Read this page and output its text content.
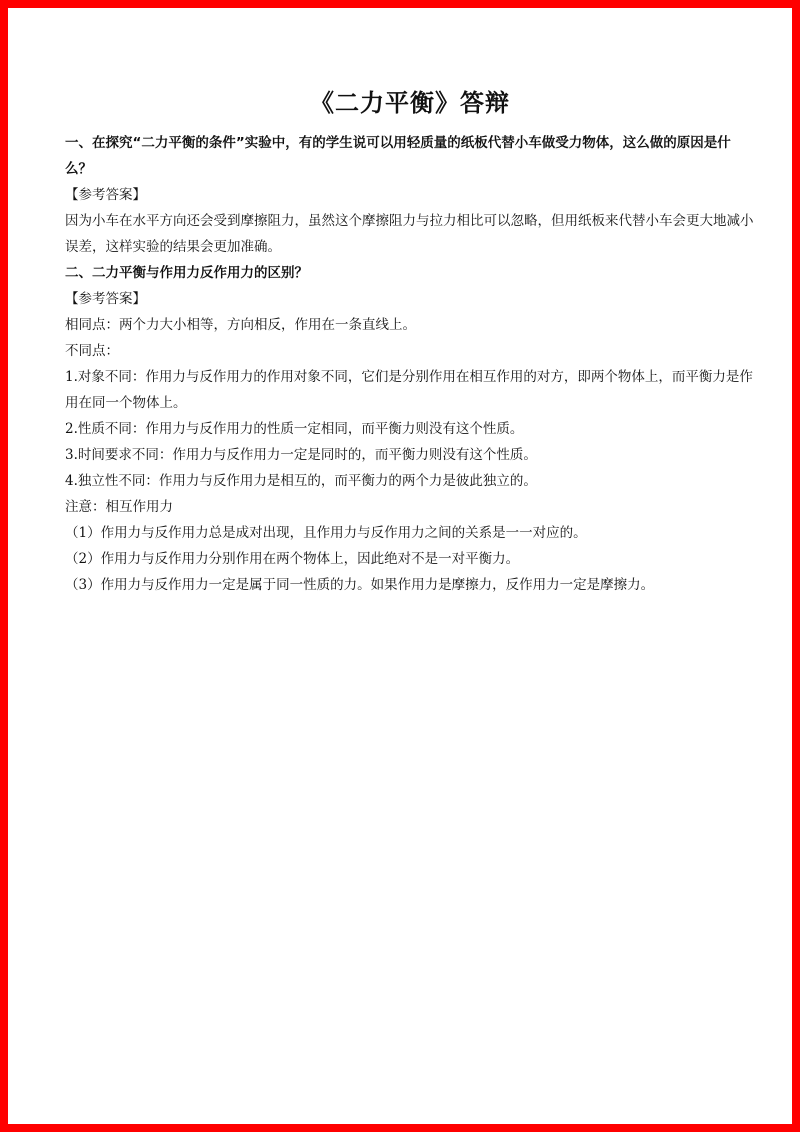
《二力平衡》答辩

一、在探究“二力平衡的条件”实验中，有的学生说可以用轻质量的纸板代替小车做受力物体，这么做的原因是什么？

【参考答案】

因为小车在水平方向还会受到摩擦阻力，虽然这个摩擦阻力与拉力相比可以忽略，但用纸板来代替小车会更大地减小误差，这样实验的结果会更加准确。

二、二力平衡与作用力反作用力的区别？

【参考答案】

相同点：两个力大小相等，方向相反，作用在一条直线上。

不同点：

1.对象不同：作用力与反作用力的作用对象不同，它们是分别作用在相互作用的对方，即两个物体上，而平衡力是作用在同一个物体上。

2.性质不同：作用力与反作用力的性质一定相同，而平衡力则没有这个性质。

3.时间要求不同：作用力与反作用力一定是同时的，而平衡力则没有这个性质。

4.独立性不同：作用力与反作用力是相互的，而平衡力的两个力是彼此独立的。

注意：相互作用力

（1）作用力与反作用力总是成对出现，且作用力与反作用力之间的关系是一一对应的。

（2）作用力与反作用力分别作用在两个物体上，因此绝对不是一对平衡力。

（3）作用力与反作用力一定是属于同一性质的力。如果作用力是摩擦力，反作用力一定是摩擦力。
